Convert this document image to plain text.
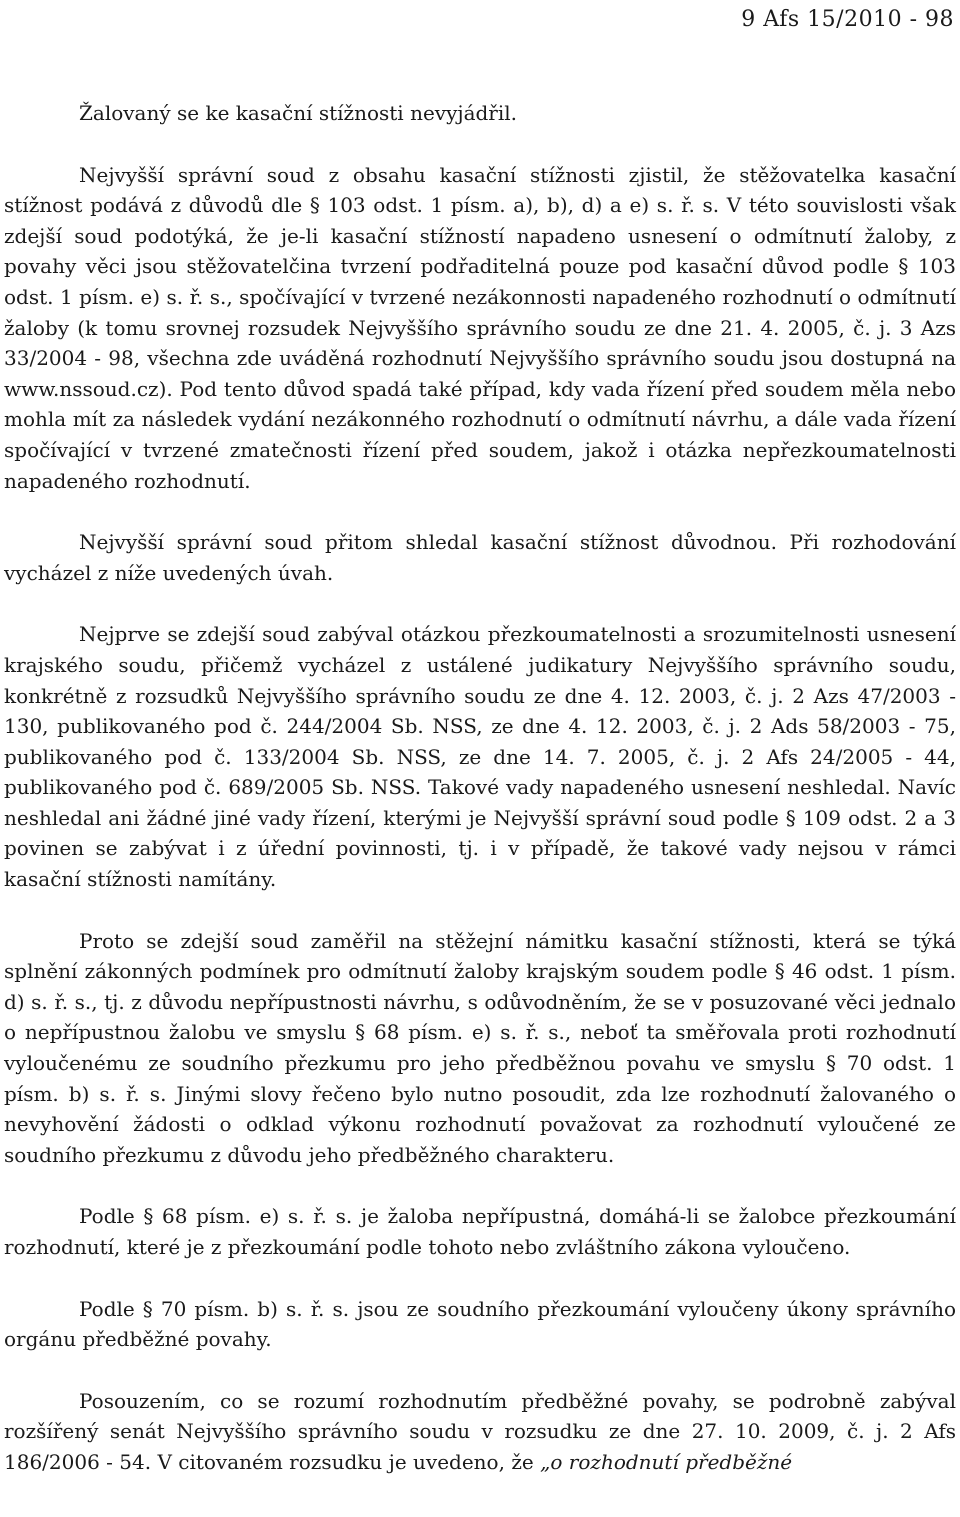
9 Afs 15/2010 - 98

Žalovaný se ke kasační stížnosti nevyjádřil.

Nejvyšší správní soud z obsahu kasační stížnosti zjistil, že stěžovatelka kasační stížnost podává z důvodů dle § 103 odst. 1 písm. a), b), d) a e) s. ř. s. V této souvislosti však zdejší soud podotýká, že je-li kasační stížností napadeno usnesení o odmítnutí žaloby, z povahy věci jsou stěžovatelčina tvrzení podřaditelná pouze pod kasační důvod podle § 103 odst. 1 písm. e) s. ř. s., spočívající v tvrzené nezákonnosti napadeného rozhodnutí o odmítnutí žaloby (k tomu srovnej rozsudek Nejvyššího správního soudu ze dne 21. 4. 2005, č. j. 3 Azs 33/2004 - 98, všechna zde uváděná rozhodnutí Nejvyššího správního soudu jsou dostupná na www.nssoud.cz). Pod tento důvod spadá také případ, kdy vada řízení před soudem měla nebo mohla mít za následek vydání nezákonného rozhodnutí o odmítnutí návrhu, a dále vada řízení spočívající v tvrzené zmatečnosti řízení před soudem, jakož i otázka nepřezkoumatelnosti napadeného rozhodnutí.

Nejvyšší správní soud přitom shledal kasační stížnost důvodnou. Při rozhodování vycházel z níže uvedených úvah.

Nejprve se zdejší soud zabýval otázkou přezkoumatelnosti a srozumitelnosti usnesení krajského soudu, přičemž vycházel z ustálené judikatury Nejvyššího správního soudu, konkrétně z rozsudků Nejvyššího správního soudu ze dne 4. 12. 2003, č. j. 2 Azs 47/2003 - 130, publikovaného pod č. 244/2004 Sb. NSS, ze dne 4. 12. 2003, č. j. 2 Ads 58/2003 - 75, publikovaného pod č. 133/2004 Sb. NSS, ze dne 14. 7. 2005, č. j. 2 Afs 24/2005 - 44, publikovaného pod č. 689/2005 Sb. NSS. Takové vady napadeného usnesení neshledal. Navíc neshledal ani žádné jiné vady řízení, kterými je Nejvyšší správní soud podle § 109 odst. 2 a 3 povinen se zabývat i z úřední povinnosti, tj. i v případě, že takové vady nejsou v rámci kasační stížnosti namítány.

Proto se zdejší soud zaměřil na stěžejní námitku kasační stížnosti, která se týká splnění zákonných podmínek pro odmítnutí žaloby krajským soudem podle § 46 odst. 1 písm. d) s. ř. s., tj. z důvodu nepřípustnosti návrhu, s odůvodněním, že se v posuzované věci jednalo o nepřípustnou žalobu ve smyslu § 68 písm. e) s. ř. s., neboť ta směřovala proti rozhodnutí vyloučenému ze soudního přezkumu pro jeho předběžnou povahu ve smyslu § 70 odst. 1 písm. b) s. ř. s. Jinými slovy řečeno bylo nutno posoudit, zda lze rozhodnutí žalovaného o nevyhovění žádosti o odklad výkonu rozhodnutí považovat za rozhodnutí vyloučené ze soudního přezkumu z důvodu jeho předběžného charakteru.

Podle § 68 písm. e) s. ř. s. je žaloba nepřípustná, domáhá-li se žalobce přezkoumání rozhodnutí, které je z přezkoumání podle tohoto nebo zvláštního zákona vyloučeno.

Podle § 70 písm. b) s. ř. s. jsou ze soudního přezkoumání vyloučeny úkony správního orgánu předběžné povahy.

Posouzením, co se rozumí rozhodnutím předběžné povahy, se podrobně zabýval rozšířený senát Nejvyššího správního soudu v rozsudku ze dne 27. 10. 2009, č. j. 2 Afs 186/2006 - 54. V citovaném rozsudku je uvedeno, že „o rozhodnutí předběžné
